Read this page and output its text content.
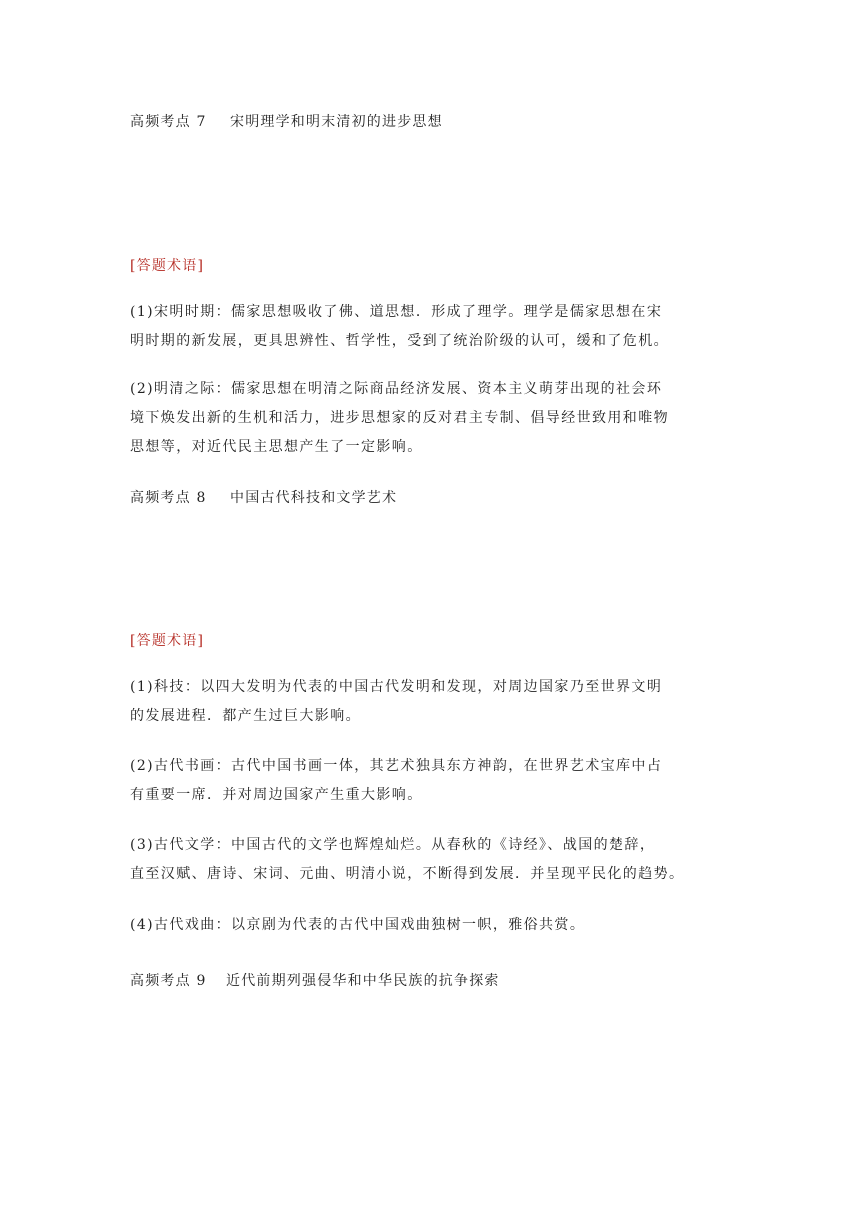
高频考点 7 宋明理学和明末清初的进步思想
[答题术语]
(1)宋明时期：儒家思想吸收了佛、道思想．形成了理学。理学是儒家思想在宋
明时期的新发展，更具思辨性、哲学性，受到了统治阶级的认可，缓和了危机。
(2)明清之际：儒家思想在明清之际商品经济发展、资本主义萌芽出现的社会环
境下焕发出新的生机和活力，进步思想家的反对君主专制、倡导经世致用和唯物
思想等，对近代民主思想产生了一定影响。
高频考点 8 中国古代科技和文学艺术
[答题术语]
(1)科技：以四大发明为代表的中国古代发明和发现，对周边国家乃至世界文明
的发展进程．都产生过巨大影响。
(2)古代书画：古代中国书画一体，其艺术独具东方神韵，在世界艺术宝库中占
有重要一席．并对周边国家产生重大影响。
(3)古代文学：中国古代的文学也辉煌灿烂。从春秋的《诗经》、战国的楚辞，
直至汉赋、唐诗、宋词、元曲、明清小说，不断得到发展．并呈现平民化的趋势。
(4)古代戏曲：以京剧为代表的古代中国戏曲独树一帜，雅俗共赏。
高频考点 9 近代前期列强侵华和中华民族的抗争探索
